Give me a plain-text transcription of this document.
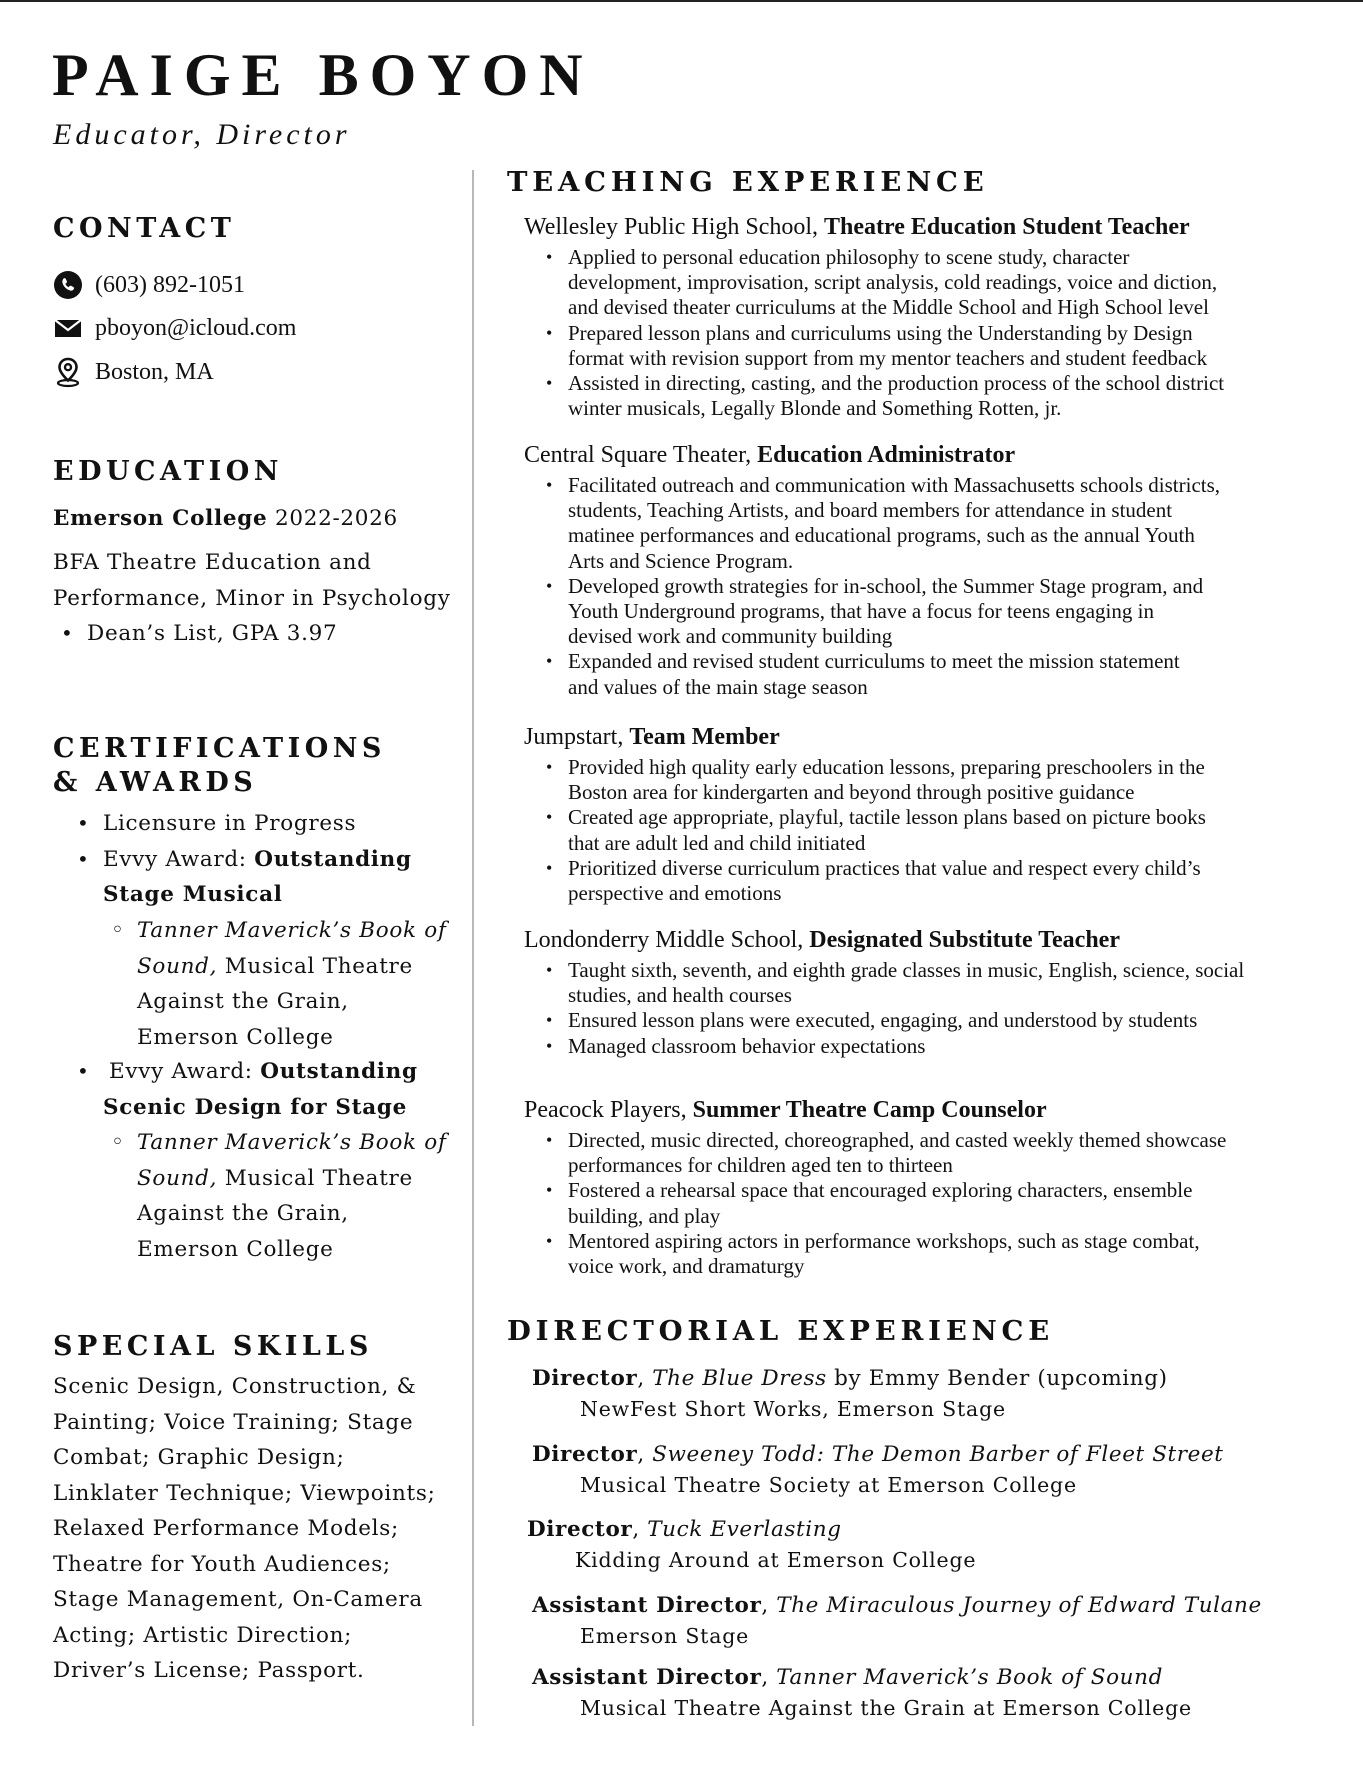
PAIGE BOYON

Educator, Director

CONTACT
(603) 892-1051
pboyon@icloud.com
Boston, MA
EDUCATION

Emerson College 2022-2026

BFA Theatre Education and

Performance, Minor in Psychology

• Dean’s List, GPA 3.97
CERTIFICATIONS
& AWARDS
• Licensure in Progress
• Evvy Award: Outstanding
Stage Musical
◦ Tanner Maverick’s Book of
Sound, Musical Theatre
Against the Grain,
Emerson College
• Evvy Award: Outstanding
Scenic Design for Stage
◦ Tanner Maverick’s Book of
Sound, Musical Theatre
Against the Grain,
Emerson College
SPECIAL SKILLS
Scenic Design, Construction, &
Painting; Voice Training; Stage
Combat; Graphic Design;
Linklater Technique; Viewpoints;
Relaxed Performance Models;
Theatre for Youth Audiences;
Stage Management, On-Camera
Acting; Artistic Direction;
Driver’s License; Passport.
TEACHING EXPERIENCE

Wellesley Public High School, Theatre Education Student Teacher

• Applied to personal education philosophy to scene study, character
development, improvisation, script analysis, cold readings, voice and diction,
and devised theater curriculums at the Middle School and High School level
• Prepared lesson plans and curriculums using the Understanding by Design
format with revision support from my mentor teachers and student feedback
• Assisted in directing, casting, and the production process of the school district
winter musicals, Legally Blonde and Something Rotten, jr.

Central Square Theater, Education Administrator

• Facilitated outreach and communication with Massachusetts schools districts,
students, Teaching Artists, and board members for attendance in student
matinee performances and educational programs, such as the annual Youth
Arts and Science Program.
• Developed growth strategies for in-school, the Summer Stage program, and
Youth Underground programs, that have a focus for teens engaging in
devised work and community building
• Expanded and revised student curriculums to meet the mission statement
and values of the main stage season

Jumpstart, Team Member

• Provided high quality early education lessons, preparing preschoolers in the
Boston area for kindergarten and beyond through positive guidance
• Created age appropriate, playful, tactile lesson plans based on picture books
that are adult led and child initiated
• Prioritized diverse curriculum practices that value and respect every child’s
perspective and emotions

Londonderry Middle School, Designated Substitute Teacher

• Taught sixth, seventh, and eighth grade classes in music, English, science, social
studies, and health courses
• Ensured lesson plans were executed, engaging, and understood by students
• Managed classroom behavior expectations

Peacock Players, Summer Theatre Camp Counselor

• Directed, music directed, choreographed, and casted weekly themed showcase
performances for children aged ten to thirteen
• Fostered a rehearsal space that encouraged exploring characters, ensemble
building, and play
• Mentored aspiring actors in performance workshops, such as stage combat,
voice work, and dramaturgy
DIRECTORIAL EXPERIENCE

Director, The Blue Dress by Emmy Bender (upcoming)

NewFest Short Works, Emerson Stage

Director, Sweeney Todd: The Demon Barber of Fleet Street

Musical Theatre Society at Emerson College

Director, Tuck Everlasting

Kidding Around at Emerson College

Assistant Director, The Miraculous Journey of Edward Tulane

Emerson Stage

Assistant Director, Tanner Maverick’s Book of Sound

Musical Theatre Against the Grain at Emerson College
